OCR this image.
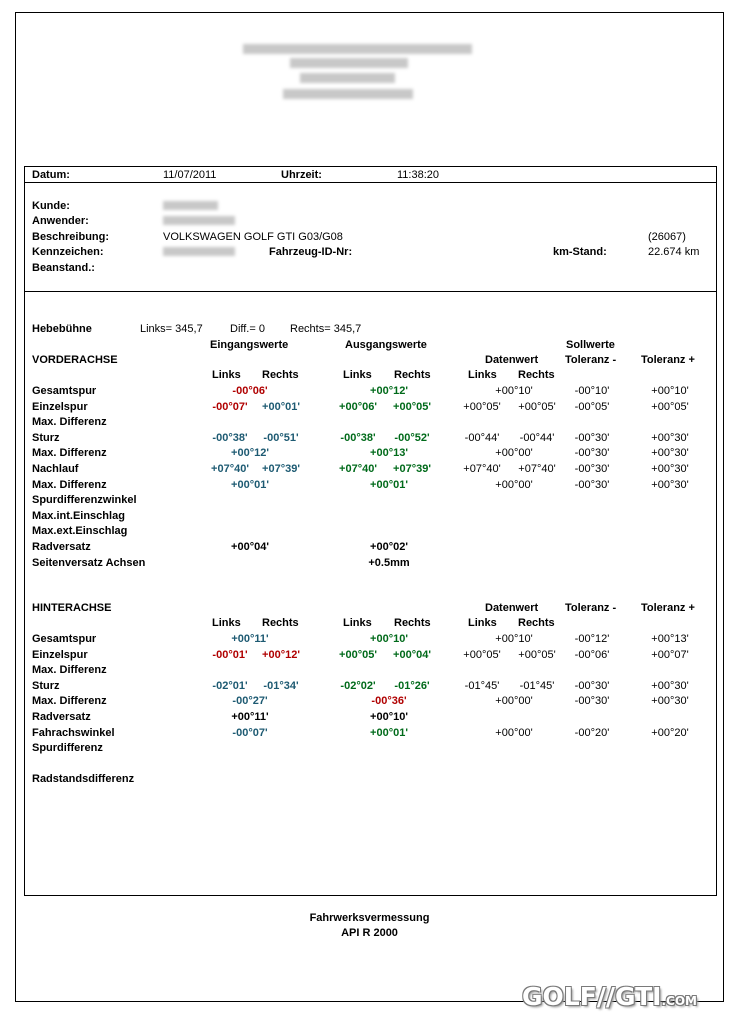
Datum:	11/07/2011	Uhrzeit:	11:38:20
Kunde:
Anwender:
Beschreibung:	VOLKSWAGEN GOLF GTI G03/G08	(26067)
Kennzeichen:	Fahrzeug-ID-Nr:	km-Stand:	22.674 km
Beanstand.:
Hebebühne	Links= 345,7 Diff.= 0 Rechts= 345,7
Eingangswerte	Ausgangswerte	Sollwerte
VORDERACHSE	Datenwert Toleranz - Toleranz +
Links Rechts	Links Rechts	Links Rechts
Gesamtspur	-00°06'	+00°12'	+00°10'	-00°10'	+00°10'
Einzelspur	-00°07'	+00°01'	+00°06'	+00°05'	+00°05'	+00°05'	-00°05'	+00°05'
Max. Differenz
Sturz	-00°38'	-00°51'	-00°38'	-00°52'	-00°44'	-00°44'	-00°30'	+00°30'
Max. Differenz	+00°12'	+00°13'	+00°00'	-00°30'	+00°30'
Nachlauf	+07°40'	+07°39'	+07°40'	+07°39'	+07°40'	+07°40'	-00°30'	+00°30'
Max. Differenz	+00°01'	+00°01'	+00°00'	-00°30'	+00°30'
Spurdifferenzwinkel
Max.int.Einschlag
Max.ext.Einschlag
Radversatz	+00°04'	+00°02'
Seitenversatz Achsen	+0.5mm
HINTERACHSE	Datenwert Toleranz - Toleranz +
Links Rechts	Links Rechts	Links Rechts
Gesamtspur	+00°11'	+00°10'	+00°10'	-00°12'	+00°13'
Einzelspur	-00°01'	+00°12'	+00°05'	+00°04'	+00°05'	+00°05'	-00°06'	+00°07'
Max. Differenz
Sturz	-02°01'	-01°34'	-02°02'	-01°26'	-01°45'	-01°45'	-00°30'	+00°30'
Max. Differenz	-00°27'	-00°36'	+00°00'	-00°30'	+00°30'
Radversatz	+00°11'	+00°10'
Fahrachswinkel	-00°07'	+00°01'	+00°00'	-00°20'	+00°20'
Spurdifferenz
Radstandsdifferenz
Fahrwerksvermessung
API R 2000
GOLF//GTI.COM
